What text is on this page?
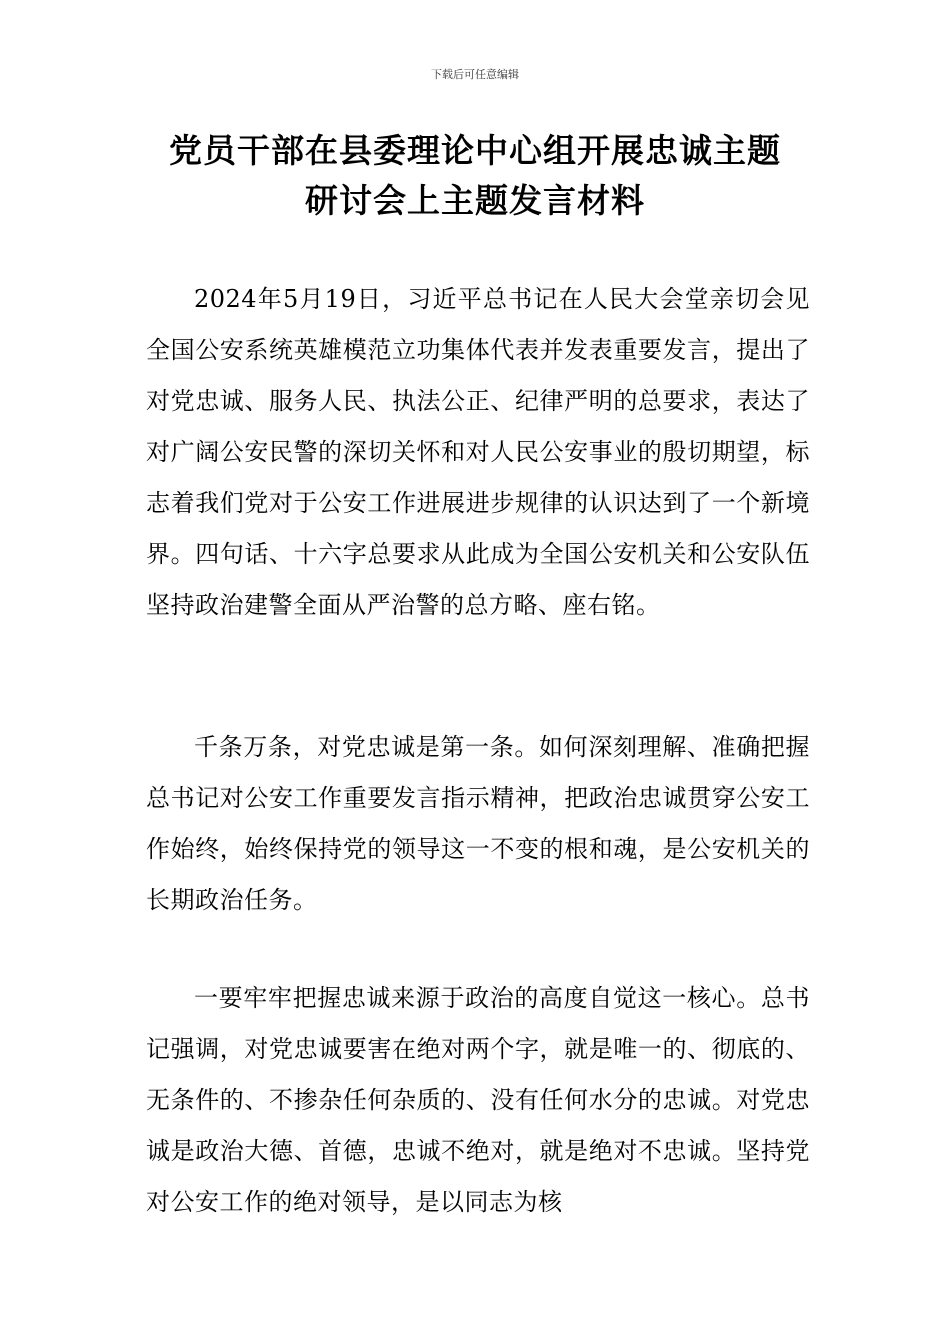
下载后可任意编辑
党员干部在县委理论中心组开展忠诚主题
研讨会上主题发言材料

2024年5月19日，习近平总书记在人民大会堂亲切会见全国公安系统英雄模范立功集体代表并发表重要发言，提出了对党忠诚、服务人民、执法公正、纪律严明的总要求，表达了对广阔公安民警的深切关怀和对人民公安事业的殷切期望，标志着我们党对于公安工作进展进步规律的认识达到了一个新境界。四句话、十六字总要求从此成为全国公安机关和公安队伍坚持政治建警全面从严治警的总方略、座右铭。

千条万条，对党忠诚是第一条。如何深刻理解、准确把握总书记对公安工作重要发言指示精神，把政治忠诚贯穿公安工作始终，始终保持党的领导这一不变的根和魂，是公安机关的长期政治任务。

一要牢牢把握忠诚来源于政治的高度自觉这一核心。总书记强调，对党忠诚要害在绝对两个字，就是唯一的、彻底的、无条件的、不掺杂任何杂质的、没有任何水分的忠诚。对党忠诚是政治大德、首德，忠诚不绝对，就是绝对不忠诚。坚持党对公安工作的绝对领导，是以同志为核
